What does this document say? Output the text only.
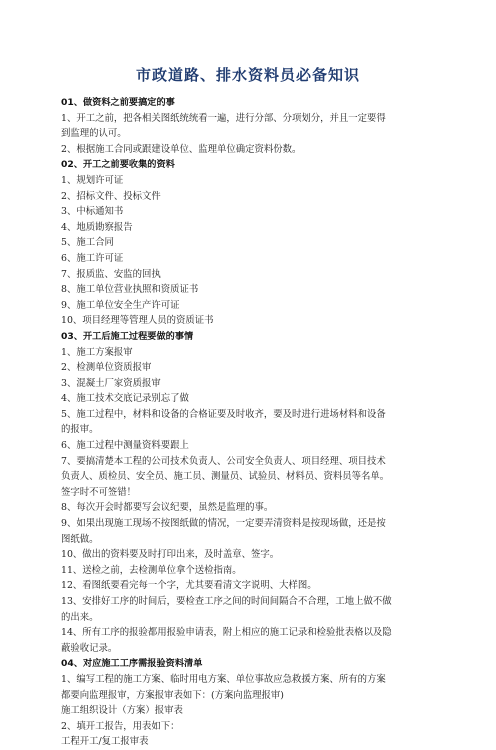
市政道路、排水资料员必备知识
01、做资料之前要搞定的事
1、开工之前，把各相关图纸统统看一遍，进行分部、分项划分，并且一定要得
到监理的认可。
2、根据施工合同或跟建设单位、监理单位确定资料份数。
02、开工之前要收集的资料
1、规划许可证
2、招标文件、投标文件
3、中标通知书
4、地质勘察报告
5、施工合同
6、施工许可证
7、报质监、安监的回执
8、施工单位营业执照和资质证书
9、施工单位安全生产许可证
10、项目经理等管理人员的资质证书
03、开工后施工过程要做的事情
1、施工方案报审
2、检测单位资质报审
3、混凝土厂家资质报审
4、施工技术交底记录别忘了做
5、施工过程中，材料和设备的合格证要及时收齐，要及时进行进场材料和设备
的报审。
6、施工过程中测量资料要跟上
7、要搞清楚本工程的公司技术负责人、公司安全负责人、项目经理、项目技术
负责人、质检员、安全员、施工员、测量员、试验员、材料员、资料员等名单。
签字时不可签错！
8、每次开会时都要写会议纪要，虽然是监理的事。
9、如果出现施工现场不按图纸做的情况，一定要弄清资料是按现场做，还是按
图纸做。
10、做出的资料要及时打印出来，及时盖章、签字。
11、送检之前，去检测单位拿个送检指南。
12、看图纸要看完每一个字，尤其要看清文字说明、大样图。
13、安排好工序的时间后，要检查工序之间的时间间隔合不合理，工地上做不做
的出来。
14、所有工序的报验都用报验申请表，附上相应的施工记录和检验批表格以及隐
蔽验收记录。
04、对应施工工序需报验资料清单
1、编写工程的施工方案、临时用电方案、单位事故应急救援方案、所有的方案
都要向监理报审，方案报审表如下：(方案向监理报审)
施工组织设计（方案）报审表
2、填开工报告，用表如下：
工程开工/复工报审表
